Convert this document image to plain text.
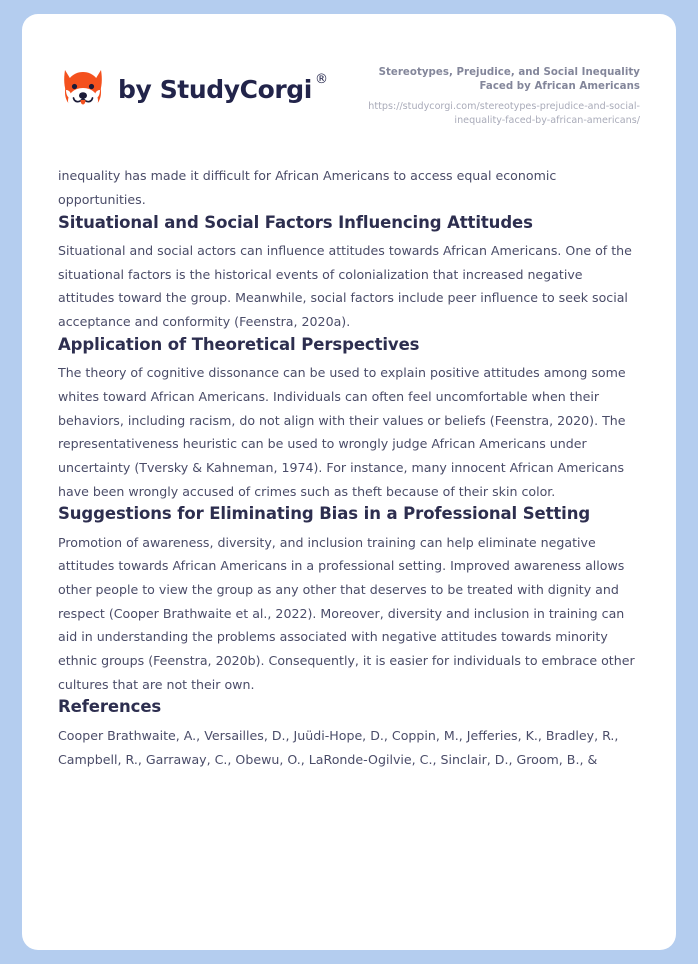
by StudyCorgi ®	Stereotypes, Prejudice, and Social Inequality Faced by African Americans
https://studycorgi.com/stereotypes-prejudice-and-social-inequality-faced-by-african-americans/

inequality has made it difficult for African Americans to access equal economic opportunities.

Situational and Social Factors Influencing Attitudes

Situational and social actors can influence attitudes towards African Americans. One of the situational factors is the historical events of colonialization that increased negative attitudes toward the group. Meanwhile, social factors include peer influence to seek social acceptance and conformity (Feenstra, 2020a).

Application of Theoretical Perspectives

The theory of cognitive dissonance can be used to explain positive attitudes among some whites toward African Americans. Individuals can often feel uncomfortable when their behaviors, including racism, do not align with their values or beliefs (Feenstra, 2020). The representativeness heuristic can be used to wrongly judge African Americans under uncertainty (Tversky & Kahneman, 1974). For instance, many innocent African Americans have been wrongly accused of crimes such as theft because of their skin color.

Suggestions for Eliminating Bias in a Professional Setting

Promotion of awareness, diversity, and inclusion training can help eliminate negative attitudes towards African Americans in a professional setting. Improved awareness allows other people to view the group as any other that deserves to be treated with dignity and respect (Cooper Brathwaite et al., 2022). Moreover, diversity and inclusion in training can aid in understanding the problems associated with negative attitudes towards minority ethnic groups (Feenstra, 2020b). Consequently, it is easier for individuals to embrace other cultures that are not their own.

References

Cooper Brathwaite, A., Versailles, D., Juüdi-Hope, D., Coppin, M., Jefferies, K., Bradley, R., Campbell, R., Garraway, C., Obewu, O., LaRonde-Ogilvie, C., Sinclair, D., Groom, B., &
